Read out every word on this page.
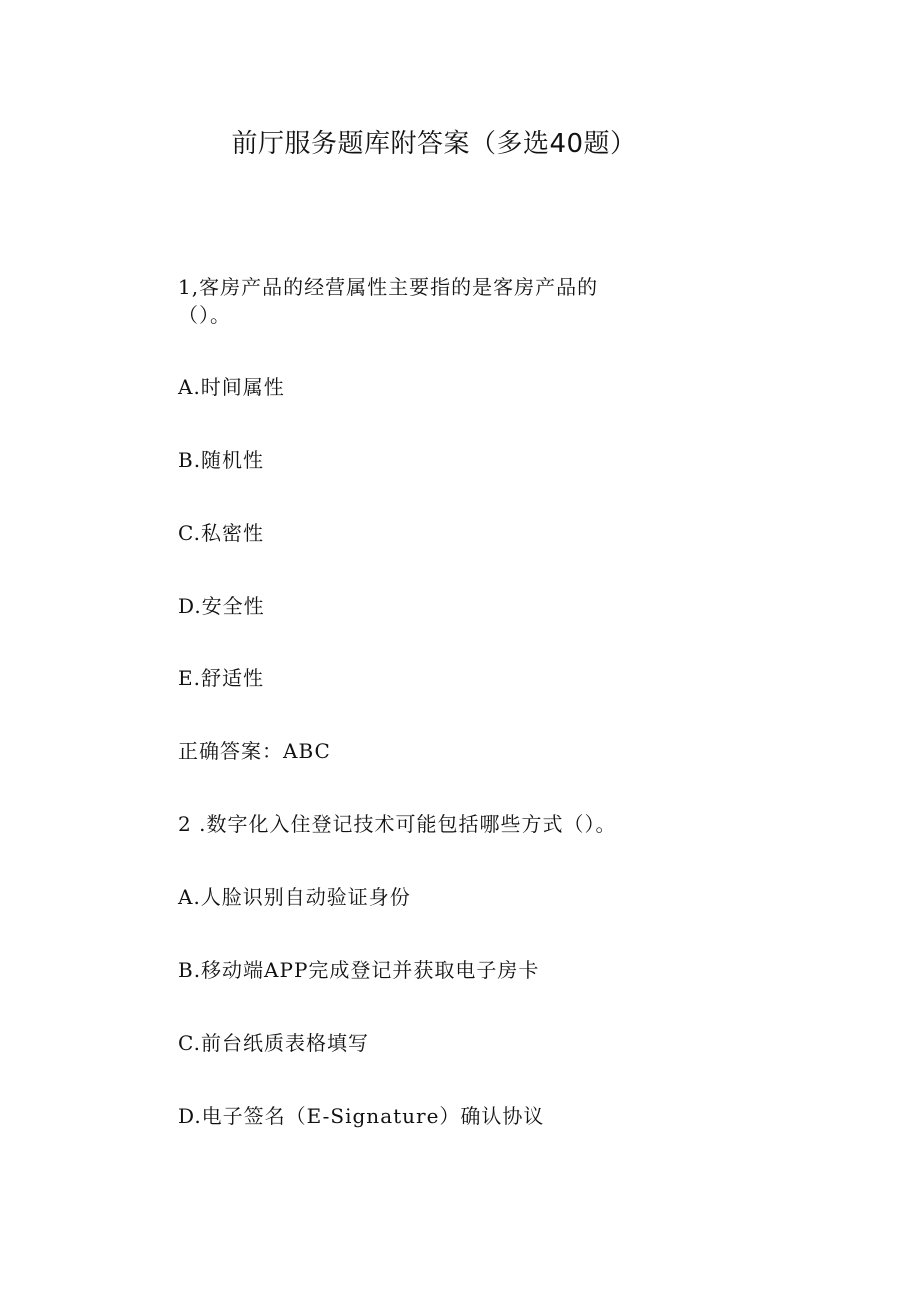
前厅服务题库附答案（多选40题）

1,客房产品的经营属性主要指的是客房产品的

（）。

A.时间属性

B.随机性

C.私密性

D.安全性

E.舒适性

正确答案：ABC

2 .数字化入住登记技术可能包括哪些方式（）。

A.人脸识别自动验证身份

B.移动端APP完成登记并获取电子房卡

C.前台纸质表格填写

D.电子签名（E-Signature）确认协议
